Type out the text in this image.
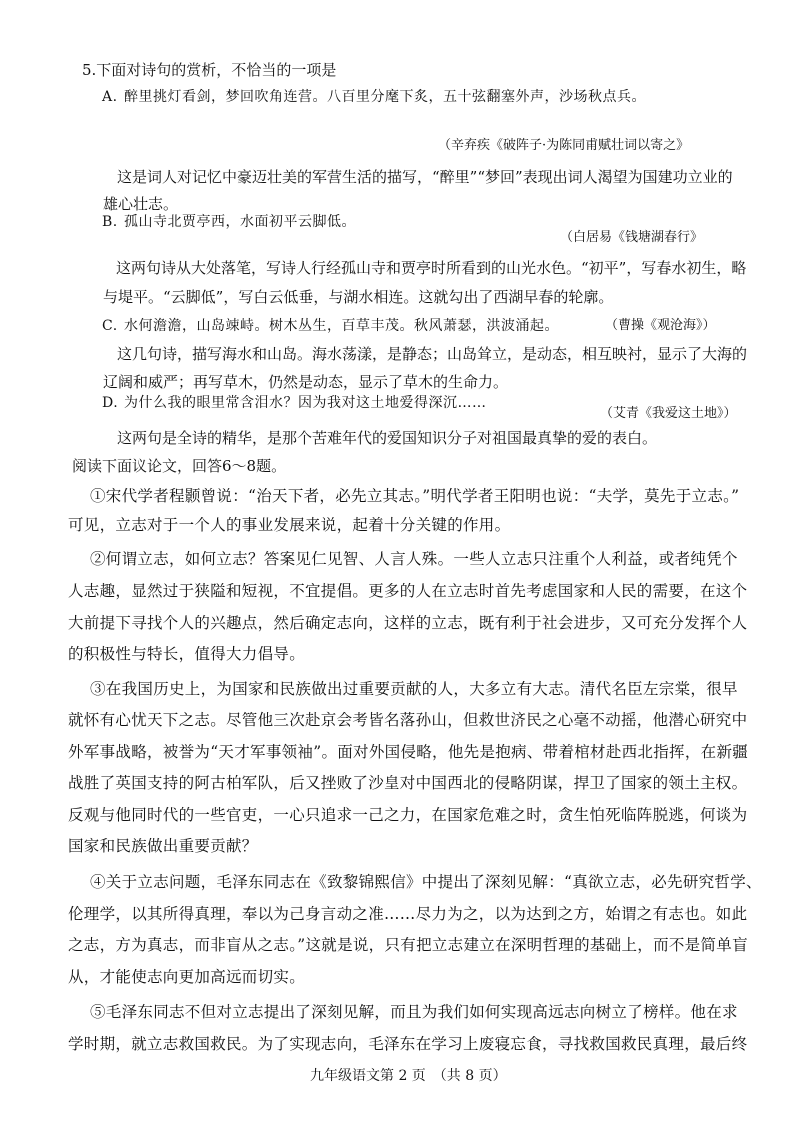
5.下面对诗句的赏析，不恰当的一项是
A. 醉里挑灯看剑，梦回吹角连营。八百里分麾下炙，五十弦翻塞外声，沙场秋点兵。
（辛弃疾《破阵子·为陈同甫赋壮词以寄之》
这是词人对记忆中豪迈壮美的军营生活的描写，“醉里”“梦回”表现出词人渴望为国建功立业的
雄心壮志。
B. 孤山寺北贾亭西，水面初平云脚低。
（白居易《钱塘湖春行》
这两句诗从大处落笔，写诗人行经孤山寺和贾亭时所看到的山光水色。“初平”，写春水初生，略
与堤平。“云脚低”，写白云低垂，与湖水相连。这就勾出了西湖早春的轮廓。
C. 水何澹澹，山岛竦峙。树木丛生，百草丰茂。秋风萧瑟，洪波涌起。	（曹操《观沧海》）
这几句诗，描写海水和山岛。海水荡漾，是静态；山岛耸立，是动态，相互映衬，显示了大海的
辽阔和威严；再写草木，仍然是动态，显示了草木的生命力。
D. 为什么我的眼里常含泪水？因为我对这土地爱得深沉……
（艾青《我爱这土地》）
这两句是全诗的精华，是那个苦难年代的爱国知识分子对祖国最真挚的爱的表白。
阅读下面议论文，回答6～8题。
①宋代学者程颢曾说：“治天下者，必先立其志。”明代学者王阳明也说：“夫学，莫先于立志。”
可见，立志对于一个人的事业发展来说，起着十分关键的作用。
②何谓立志，如何立志？答案见仁见智、人言人殊。一些人立志只注重个人利益，或者纯凭个
人志趣，显然过于狭隘和短视，不宜提倡。更多的人在立志时首先考虑国家和人民的需要，在这个
大前提下寻找个人的兴趣点，然后确定志向，这样的立志，既有利于社会进步，又可充分发挥个人
的积极性与特长，值得大力倡导。
③在我国历史上，为国家和民族做出过重要贡献的人，大多立有大志。清代名臣左宗棠，很早
就怀有心忧天下之志。尽管他三次赴京会考皆名落孙山，但救世济民之心毫不动摇，他潜心研究中
外军事战略，被誉为“天才军事领袖”。面对外国侵略，他先是抱病、带着棺材赴西北指挥，在新疆
战胜了英国支持的阿古柏军队，后又挫败了沙皇对中国西北的侵略阴谋，捍卫了国家的领土主权。
反观与他同时代的一些官吏，一心只追求一己之力，在国家危难之时，贪生怕死临阵脱逃，何谈为
国家和民族做出重要贡献？
④关于立志问题，毛泽东同志在《致黎锦熙信》中提出了深刻见解：“真欲立志，必先研究哲学、
伦理学，以其所得真理，奉以为己身言动之准……尽力为之，以为达到之方，始谓之有志也。如此
之志，方为真志，而非盲从之志。”这就是说，只有把立志建立在深明哲理的基础上，而不是简单盲
从，才能使志向更加高远而切实。
⑤毛泽东同志不但对立志提出了深刻见解，而且为我们如何实现高远志向树立了榜样。他在求
学时期，就立志救国救民。为了实现志向，毛泽东在学习上废寝忘食，寻找救国救民真理，最后终
九年级语文第 2 页　（共 8 页）
